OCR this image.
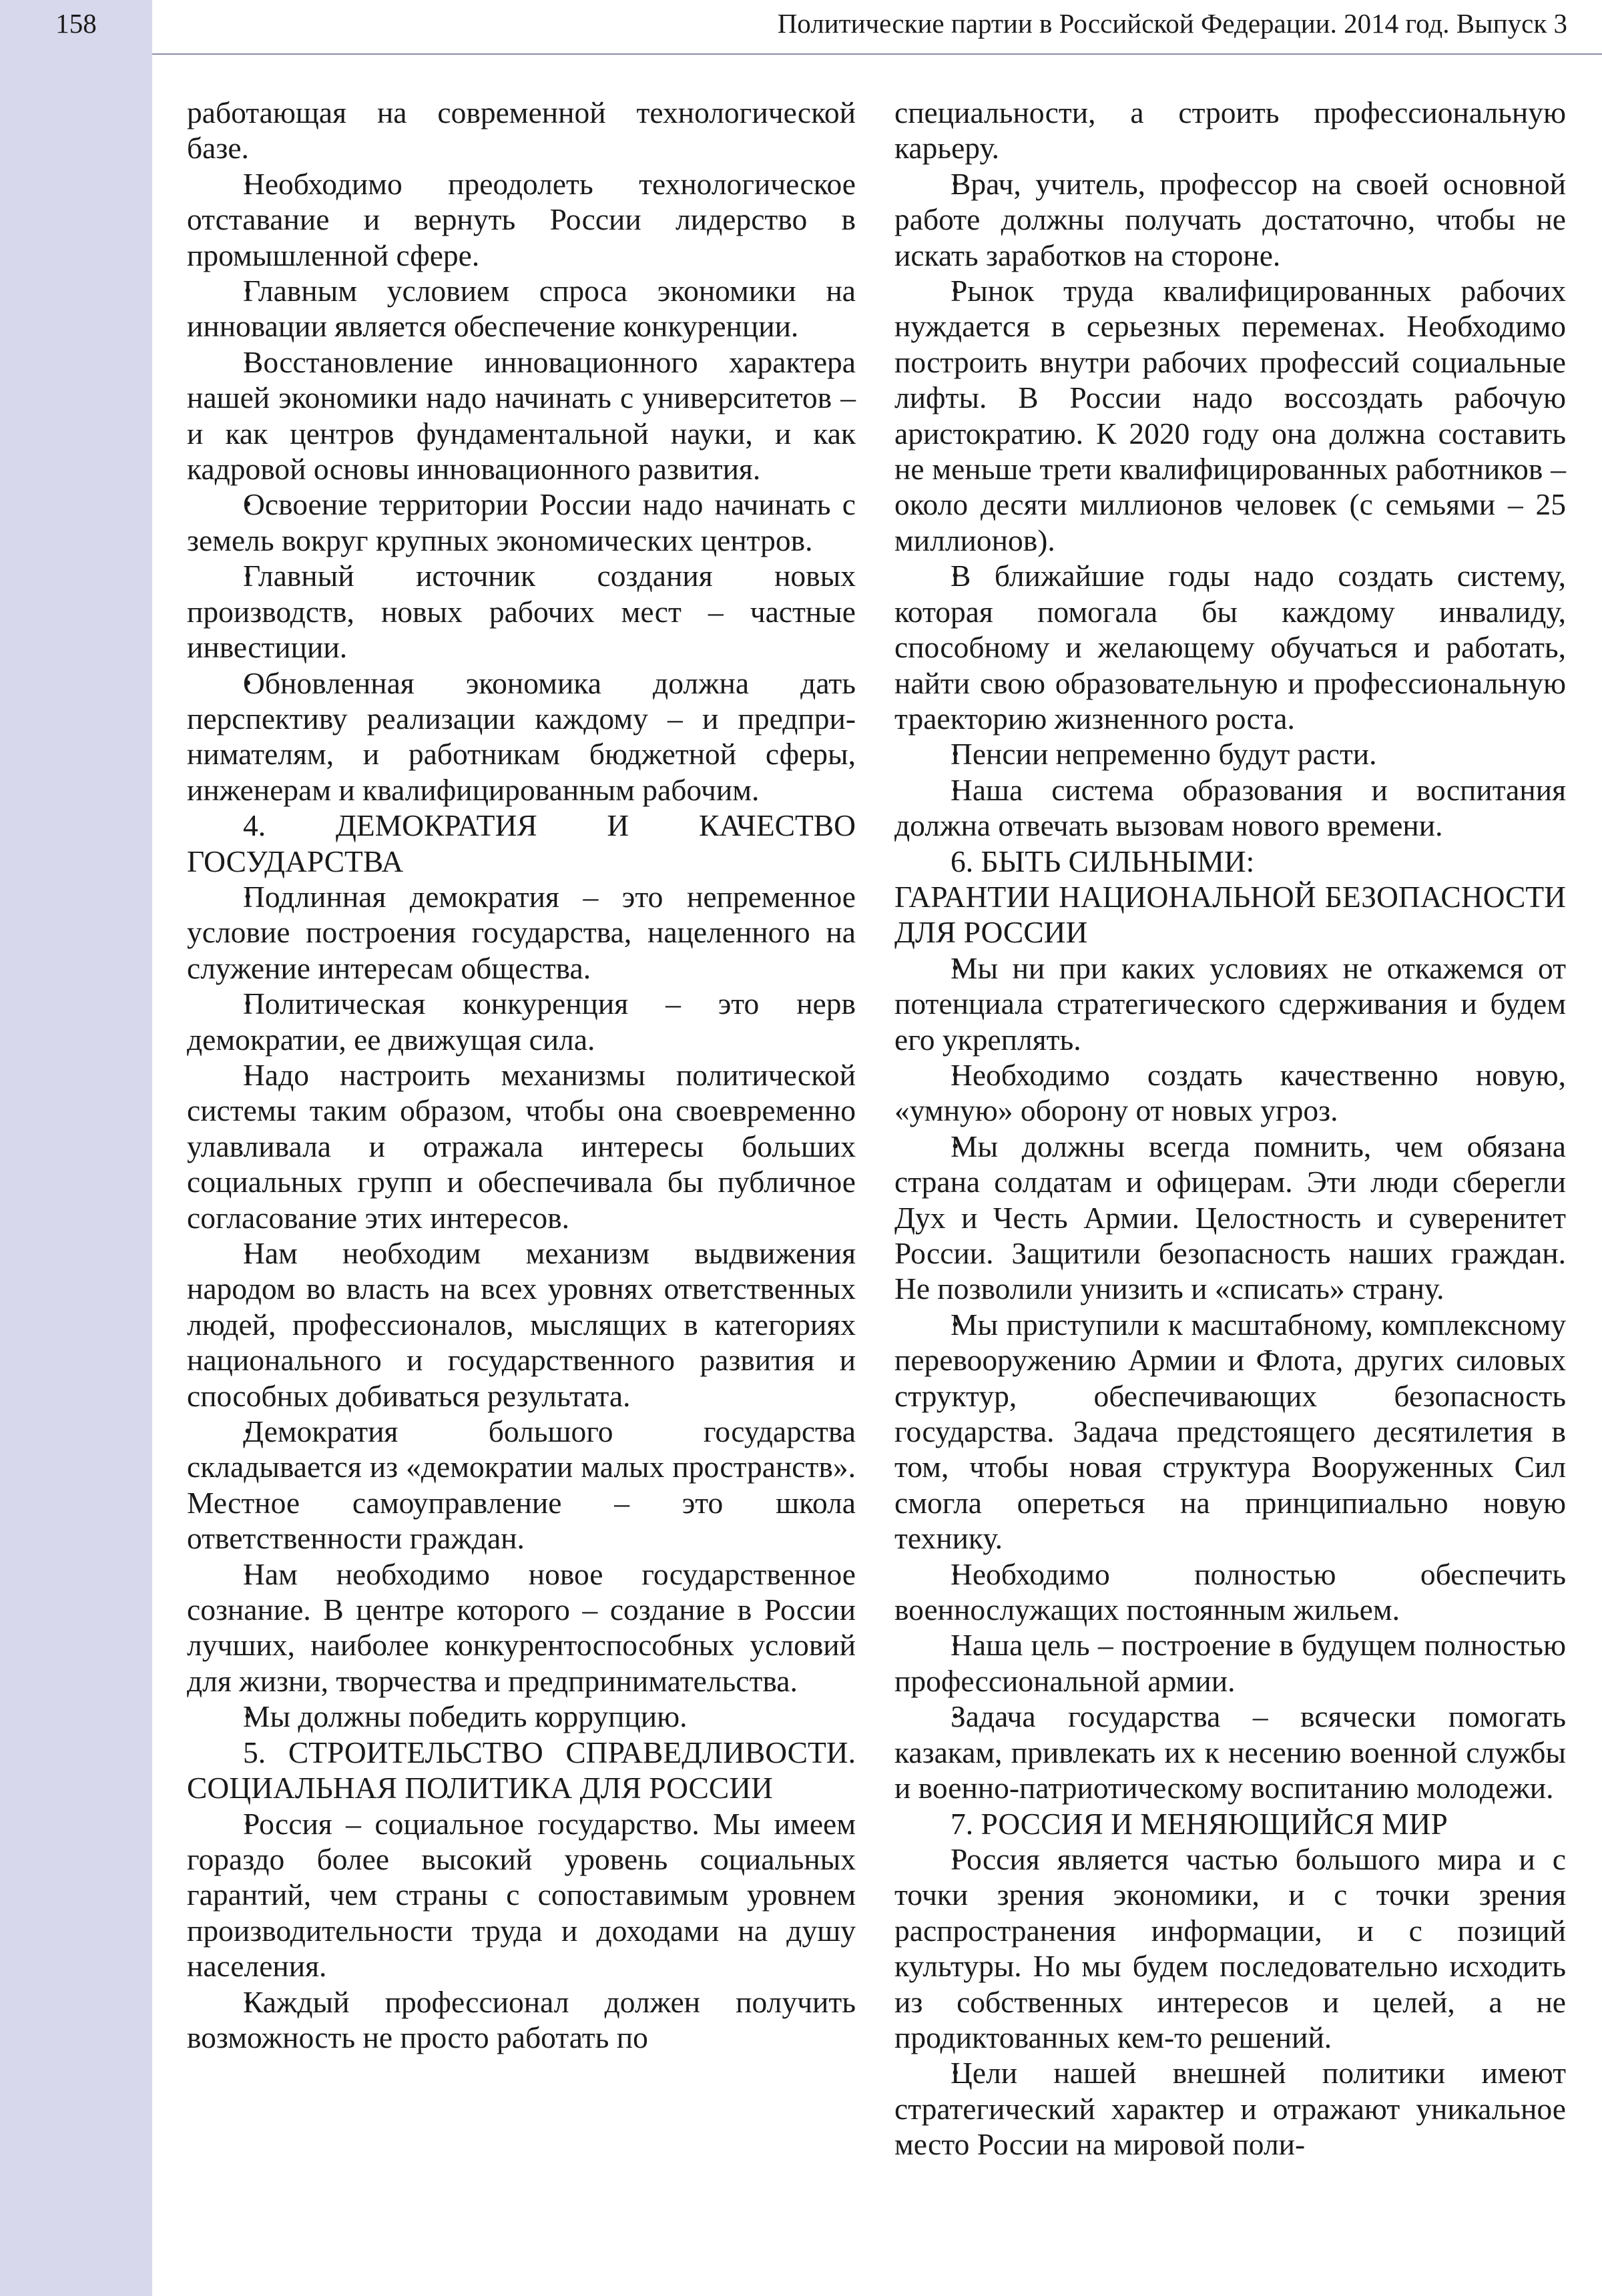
158	Политические партии в Российской Федерации. 2014 год. Выпуск 3

работающая на современной технологической базе.

• Необходимо преодолеть технологическое отставание и вернуть России лидерство в промышленной сфере.

• Главным условием спроса экономики на инновации является обеспечение конкуренции.

• Восстановление инновационного характера нашей экономики надо начинать с университетов – и как центров фундаментальной науки, и как кадровой основы инновационного развития.

• Освоение территории России надо начинать с земель вокруг крупных экономических центров.

• Главный источник создания новых производств, новых рабочих мест – частные инвестиции.

• Обновленная экономика должна дать перспективу реализации каждому – и предпринимателям, и работникам бюджетной сферы, инженерам и квалифицированным рабочим.

4. ДЕМОКРАТИЯ И КАЧЕСТВО ГОСУДАРСТВА

• Подлинная демократия – это непременное условие построения государства, нацеленного на служение интересам общества.

• Политическая конкуренция – это нерв демократии, ее движущая сила.

• Надо настроить механизмы политической системы таким образом, чтобы она своевременно улавливала и отражала интересы больших социальных групп и обеспечивала бы публичное согласование этих интересов.

• Нам необходим механизм выдвижения народом во власть на всех уровнях ответственных людей, профессионалов, мыслящих в категориях национального и государственного развития и способных добиваться результата.

• Демократия большого государства складывается из «демократии малых пространств». Местное самоуправление – это школа ответственности граждан.

• Нам необходимо новое государственное сознание. В центре которого – создание в России лучших, наиболее конкурентоспособных условий для жизни, творчества и предпринимательства.

• Мы должны победить коррупцию.

5. СТРОИТЕЛЬСТВО СПРАВЕДЛИВОСТИ. СОЦИАЛЬНАЯ ПОЛИТИКА ДЛЯ РОССИИ

• Россия – социальное государство. Мы имеем гораздо более высокий уровень социальных гарантий, чем страны с сопоставимым уровнем производительности труда и доходами на душу населения.

• Каждый профессионал должен получить возможность не просто работать по

специальности, а строить профессиональную карьеру.

• Врач, учитель, профессор на своей основной работе должны получать достаточно, чтобы не искать заработков на стороне.

• Рынок труда квалифицированных рабочих нуждается в серьезных переменах. Необходимо построить внутри рабочих профессий социальные лифты. В России надо воссоздать рабочую аристократию. К 2020 году она должна составить не меньше трети квалифицированных работников – около десяти миллионов человек (с семьями – 25 миллионов).

• В ближайшие годы надо создать систему, которая помогала бы каждому инвалиду, способному и желающему обучаться и работать, найти свою образовательную и профессиональную траекторию жизненного роста.

• Пенсии непременно будут расти.

• Наша система образования и воспитания должна отвечать вызовам нового времени.

6. БЫТЬ СИЛЬНЫМИ:

ГАРАНТИИ НАЦИОНАЛЬНОЙ БЕЗОПАСНОСТИ ДЛЯ РОССИИ

• Мы ни при каких условиях не откажемся от потенциала стратегического сдерживания и будем его укреплять.

• Необходимо создать качественно новую, «умную» оборону от новых угроз.

• Мы должны всегда помнить, чем обязана страна солдатам и офицерам. Эти люди сберегли Дух и Честь Армии. Целостность и суверенитет России. Защитили безопасность наших граждан. Не позволили унизить и «списать» страну.

• Мы приступили к масштабному, комплексному перевооружению Армии и Флота, других силовых структур, обеспечивающих безопасность государства. Задача предстоящего десятилетия в том, чтобы новая структура Вооруженных Сил смогла опереться на принципиально новую технику.

• Необходимо полностью обеспечить военнослужащих постоянным жильем.

• Наша цель – построение в будущем полностью профессиональной армии.

• Задача государства – всячески помогать казакам, привлекать их к несению военной службы и военно-патриотическому воспитанию молодежи.

7. РОССИЯ И МЕНЯЮЩИЙСЯ МИР

• Россия является частью большого мира и с точки зрения экономики, и с точки зрения распространения информации, и с позиций культуры. Но мы будем последовательно исходить из собственных интересов и целей, а не продиктованных кем-то решений.

• Цели нашей внешней политики имеют стратегический характер и отражают уникальное место России на мировой поли-
